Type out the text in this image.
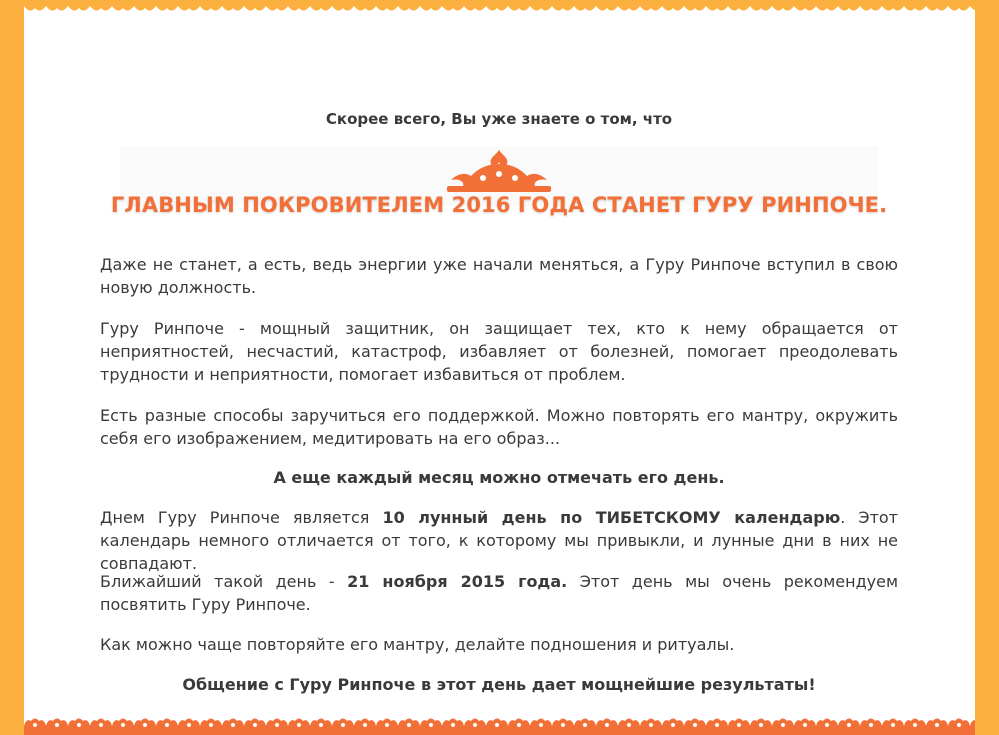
Скорее всего, Вы уже знаете о том, что
ГЛАВНЫМ ПОКРОВИТЕЛЕМ 2016 ГОДА СТАНЕТ ГУРУ РИНПОЧЕ.

Даже не станет, а есть, ведь энергии уже начали меняться, а Гуру Ринпоче вступил в свою новую должность.

Гуру Ринпоче - мощный защитник, он защищает тех, кто к нему обращается от неприятностей, несчастий, катастроф, избавляет от болезней, помогает преодолевать трудности и неприятности, помогает избавиться от проблем.

Есть разные способы заручиться его поддержкой. Можно повторять его мантру, окружить себя его изображением, медитировать на его образ...

А еще каждый месяц можно отмечать его день.

Днем Гуру Ринпоче является 10 лунный день по ТИБЕТСКОМУ календарю. Этот календарь немного отличается от того, к которому мы привыкли, и лунные дни в них не совпадают.

Ближайший такой день - 21 ноября 2015 года. Этот день мы очень рекомендуем посвятить Гуру Ринпоче.

Как можно чаще повторяйте его мантру, делайте подношения и ритуалы.

Общение с Гуру Ринпоче в этот день дает мощнейшие результаты!
